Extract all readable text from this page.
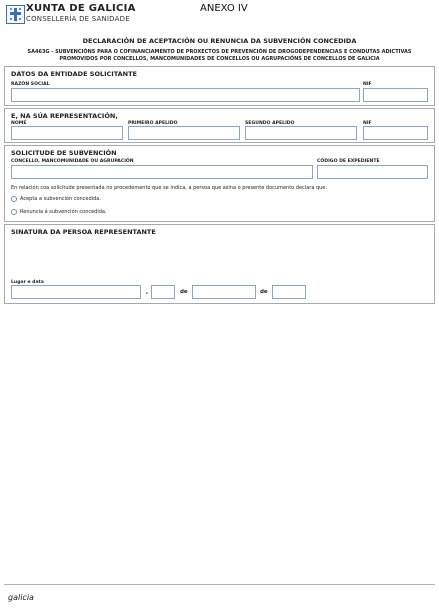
XUNTA DE GALICIA
CONSELLERÍA DE SANIDADE
ANEXO IV
DECLARACIÓN DE ACEPTACIÓN OU RENUNCIA DA SUBVENCIÓN CONCEDIDA
SA463G - SUBVENCIÓNS PARA O COFINANCIAMENTO DE PROXECTOS DE PREVENCIÓN DE DROGODEPENDENCIAS E CONDUTAS ADICTIVAS
PROMOVIDOS POR CONCELLOS, MANCOMUNIDADES DE CONCELLOS OU AGRUPACIÓNS DE CONCELLOS DE GALICIA
DATOS DA ENTIDADE SOLICITANTE
RAZÓN SOCIAL	NIF
E, NA SÚA REPRESENTACIÓN,
NOME	PRIMEIRO APELIDO	SEGUNDO APELIDO	NIF
SOLICITUDE DE SUBVENCIÓN
CONCELLO, MANCOMUNIDADE OU AGRUPACIÓN	CÓDIGO DE EXPEDIENTE
En relación coa solicitude presentada no procedemento que se indica, a persoa que asina o presente documento declara que:
Acepta a subvención concedida.
Renuncia á subvención concedida.
SINATURA DA PERSOA REPRESENTANTE
Lugar e data
,	de	de
galicia
